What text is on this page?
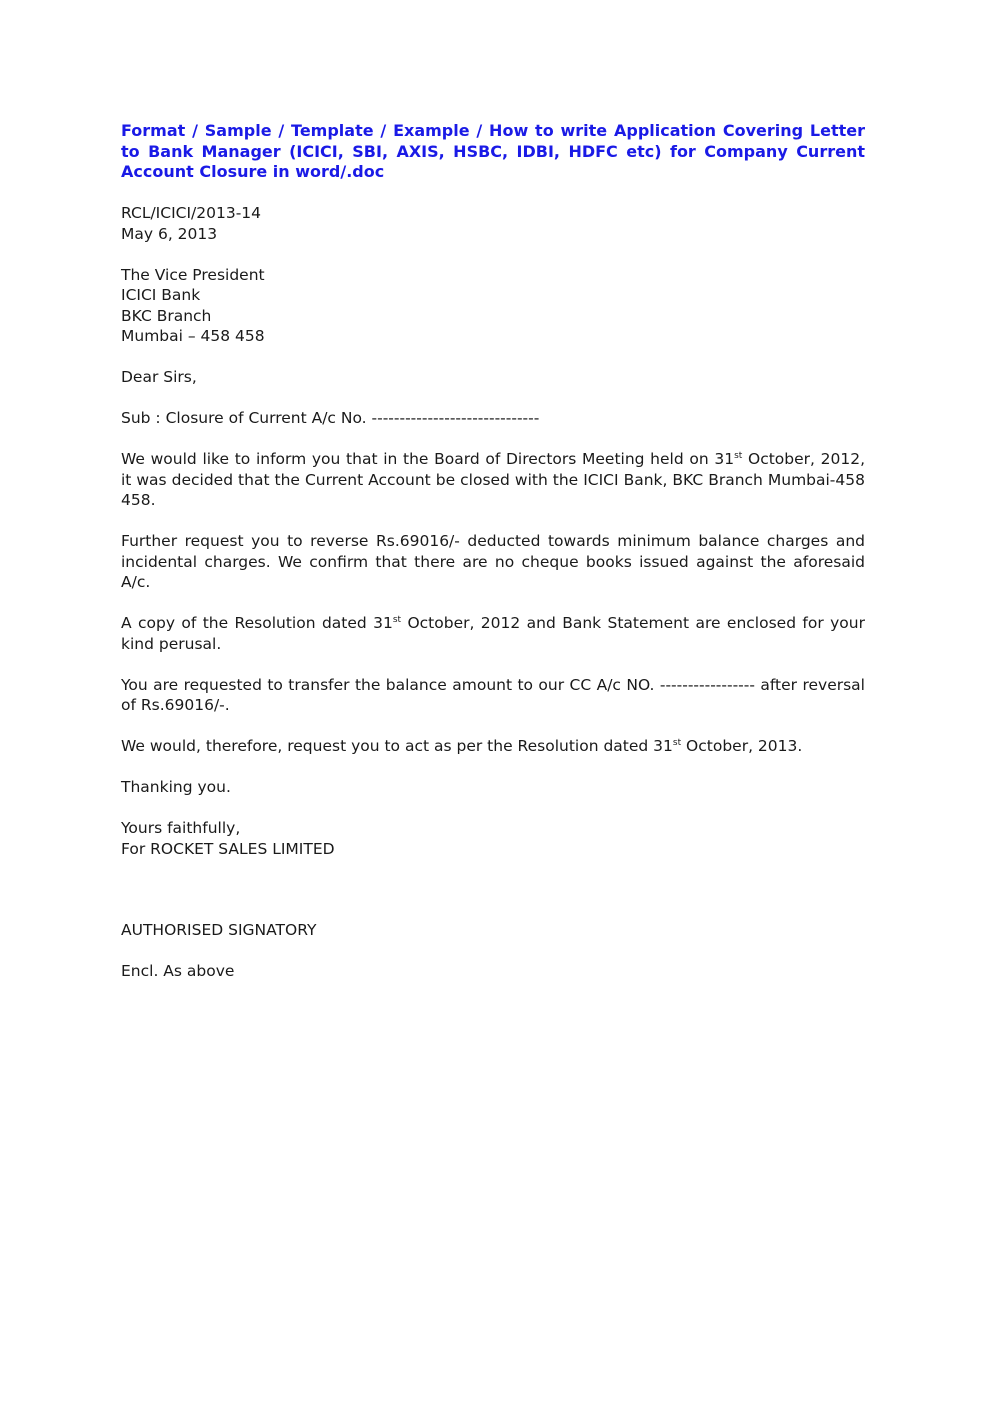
Format / Sample / Template / Example / How to write Application Covering Letter to Bank Manager (ICICI, SBI, AXIS, HSBC, IDBI, HDFC etc) for Company Current Account Closure in word/.doc

RCL/ICICI/2013-14
May 6, 2013

The Vice President
ICICI Bank
BKC Branch
Mumbai – 458 458

Dear Sirs,

Sub : Closure of Current A/c No. ------------------------------

We would like to inform you that in the Board of Directors Meeting held on 31st October, 2012, it was decided that the Current Account be closed with the ICICI Bank, BKC Branch Mumbai-458 458.

Further request you to reverse Rs.69016/- deducted towards minimum balance charges and incidental charges. We confirm that there are no cheque books issued against the aforesaid A/c.

A copy of the Resolution dated 31st October, 2012 and Bank Statement are enclosed for your kind perusal.

You are requested to transfer the balance amount to our CC A/c NO. ----------------- after reversal of Rs.69016/-.

We would, therefore, request you to act as per the Resolution dated 31st October, 2013.

Thanking you.

Yours faithfully,
For ROCKET SALES LIMITED

AUTHORISED SIGNATORY

Encl. As above
